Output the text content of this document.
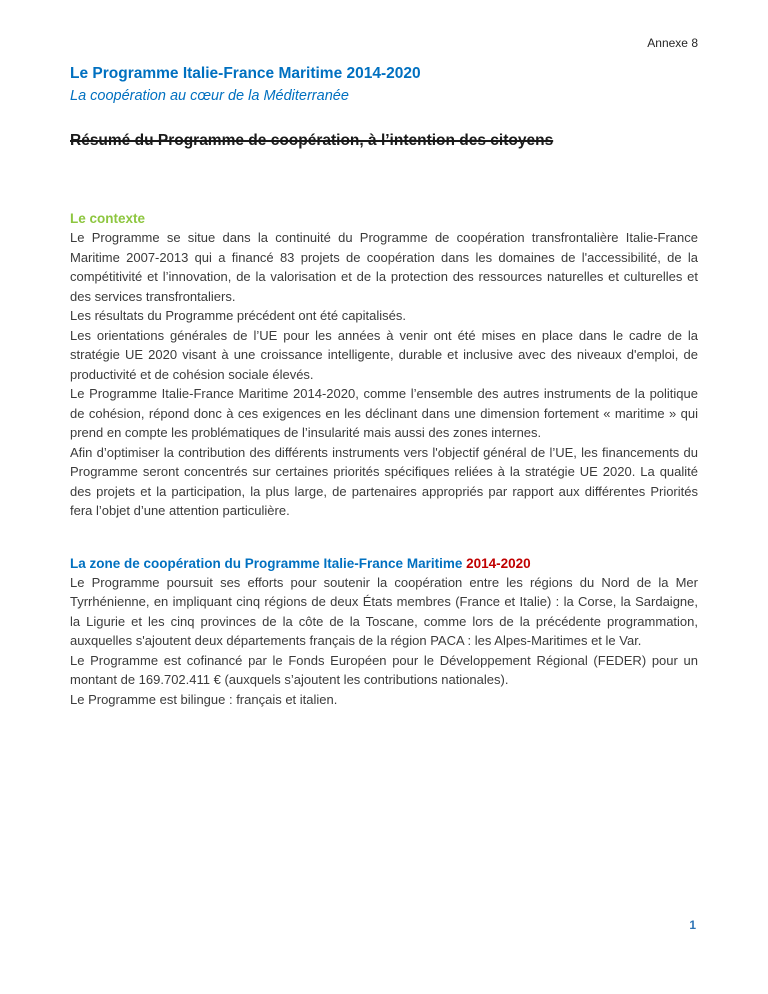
Annexe 8
Le Programme Italie-France Maritime 2014-2020
La coopération au cœur de la Méditerranée
Résumé du Programme de coopération, à l’intention des citoyens
Le contexte

Le Programme se situe dans la continuité du Programme de coopération transfrontalière Italie-France Maritime 2007-2013 qui a financé 83 projets de coopération dans les domaines de l'accessibilité, de la compétitivité et l’innovation, de la valorisation et de la protection des ressources naturelles et culturelles et des services transfrontaliers.

Les résultats du Programme précédent ont été capitalisés.

Les orientations générales de l’UE pour les années à venir ont été mises en place dans le cadre de la stratégie UE 2020 visant à une croissance intelligente, durable et inclusive avec des niveaux d'emploi, de productivité et de cohésion sociale élevés.

Le Programme Italie-France Maritime 2014-2020, comme l’ensemble des autres instruments de la politique de cohésion, répond donc à ces exigences en les déclinant dans une dimension fortement « maritime » qui prend en compte les problématiques de l’insularité mais aussi des zones internes.

Afin d’optimiser la contribution des différents instruments vers l'objectif général de l’UE, les financements du Programme seront concentrés sur certaines priorités spécifiques reliées à la stratégie UE 2020. La qualité des projets et la participation, la plus large, de partenaires appropriés par rapport aux différentes Priorités fera l’objet d’une attention particulière.

La zone de coopération du Programme Italie-France Maritime 2014-2020

Le Programme poursuit ses efforts pour soutenir la coopération entre les régions du Nord de la Mer Tyrrhénienne, en impliquant cinq régions de deux États membres (France et Italie) : la Corse, la Sardaigne, la Ligurie et les cinq provinces de la côte de la Toscane, comme lors de la précédente programmation, auxquelles s'ajoutent deux départements français de la région PACA : les Alpes-Maritimes et le Var.

Le Programme est cofinancé par le Fonds Européen pour le Développement Régional (FEDER) pour un montant de 169.702.411 € (auxquels s’ajoutent les contributions nationales).

Le Programme est bilingue : français et italien.

1
